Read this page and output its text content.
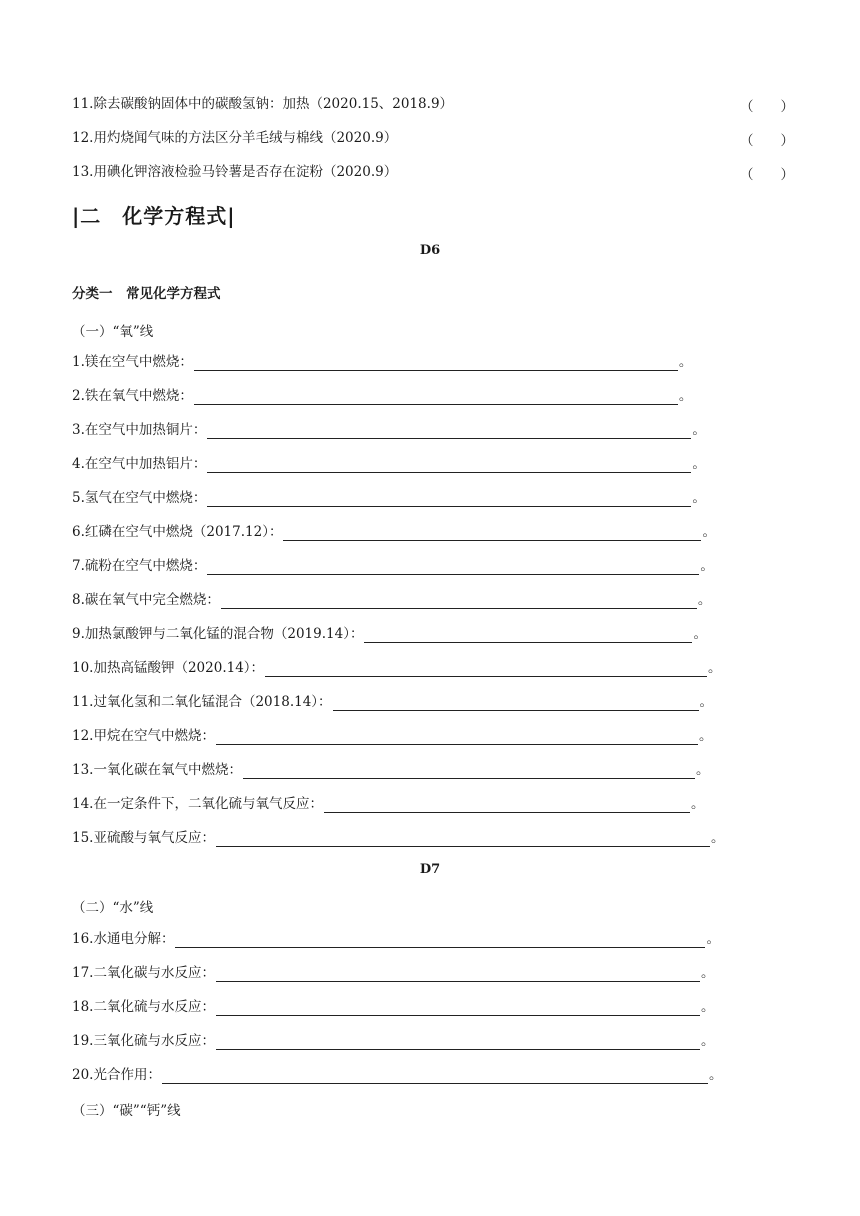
11.除去碳酸钠固体中的碳酸氢钠：加热（2020.15、2018.9）	（　　）
12.用灼烧闻气味的方法区分羊毛绒与棉线（2020.9）	（　　）
13.用碘化钾溶液检验马铃薯是否存在淀粉（2020.9）	（　　）
|二　化学方程式|
D6
分类一　常见化学方程式
（一）“氧”线
1.镁在空气中燃烧：	。
2.铁在氧气中燃烧：	。
3.在空气中加热铜片：	。
4.在空气中加热铝片：	。
5.氢气在空气中燃烧：	。
6.红磷在空气中燃烧（2017.12）：	。
7.硫粉在空气中燃烧：	。
8.碳在氧气中完全燃烧：	。
9.加热氯酸钾与二氧化锰的混合物（2019.14）：	。
10.加热高锰酸钾（2020.14）：	。
11.过氧化氢和二氧化锰混合（2018.14）：	。
12.甲烷在空气中燃烧：	。
13.一氧化碳在氧气中燃烧：	。
14.在一定条件下，二氧化硫与氧气反应：	。
15.亚硫酸与氧气反应：	。
D7
（二）“水”线
16.水通电分解：	。
17.二氧化碳与水反应：	。
18.二氧化硫与水反应：	。
19.三氧化硫与水反应：	。
20.光合作用：	。
（三）“碳”“钙”线
